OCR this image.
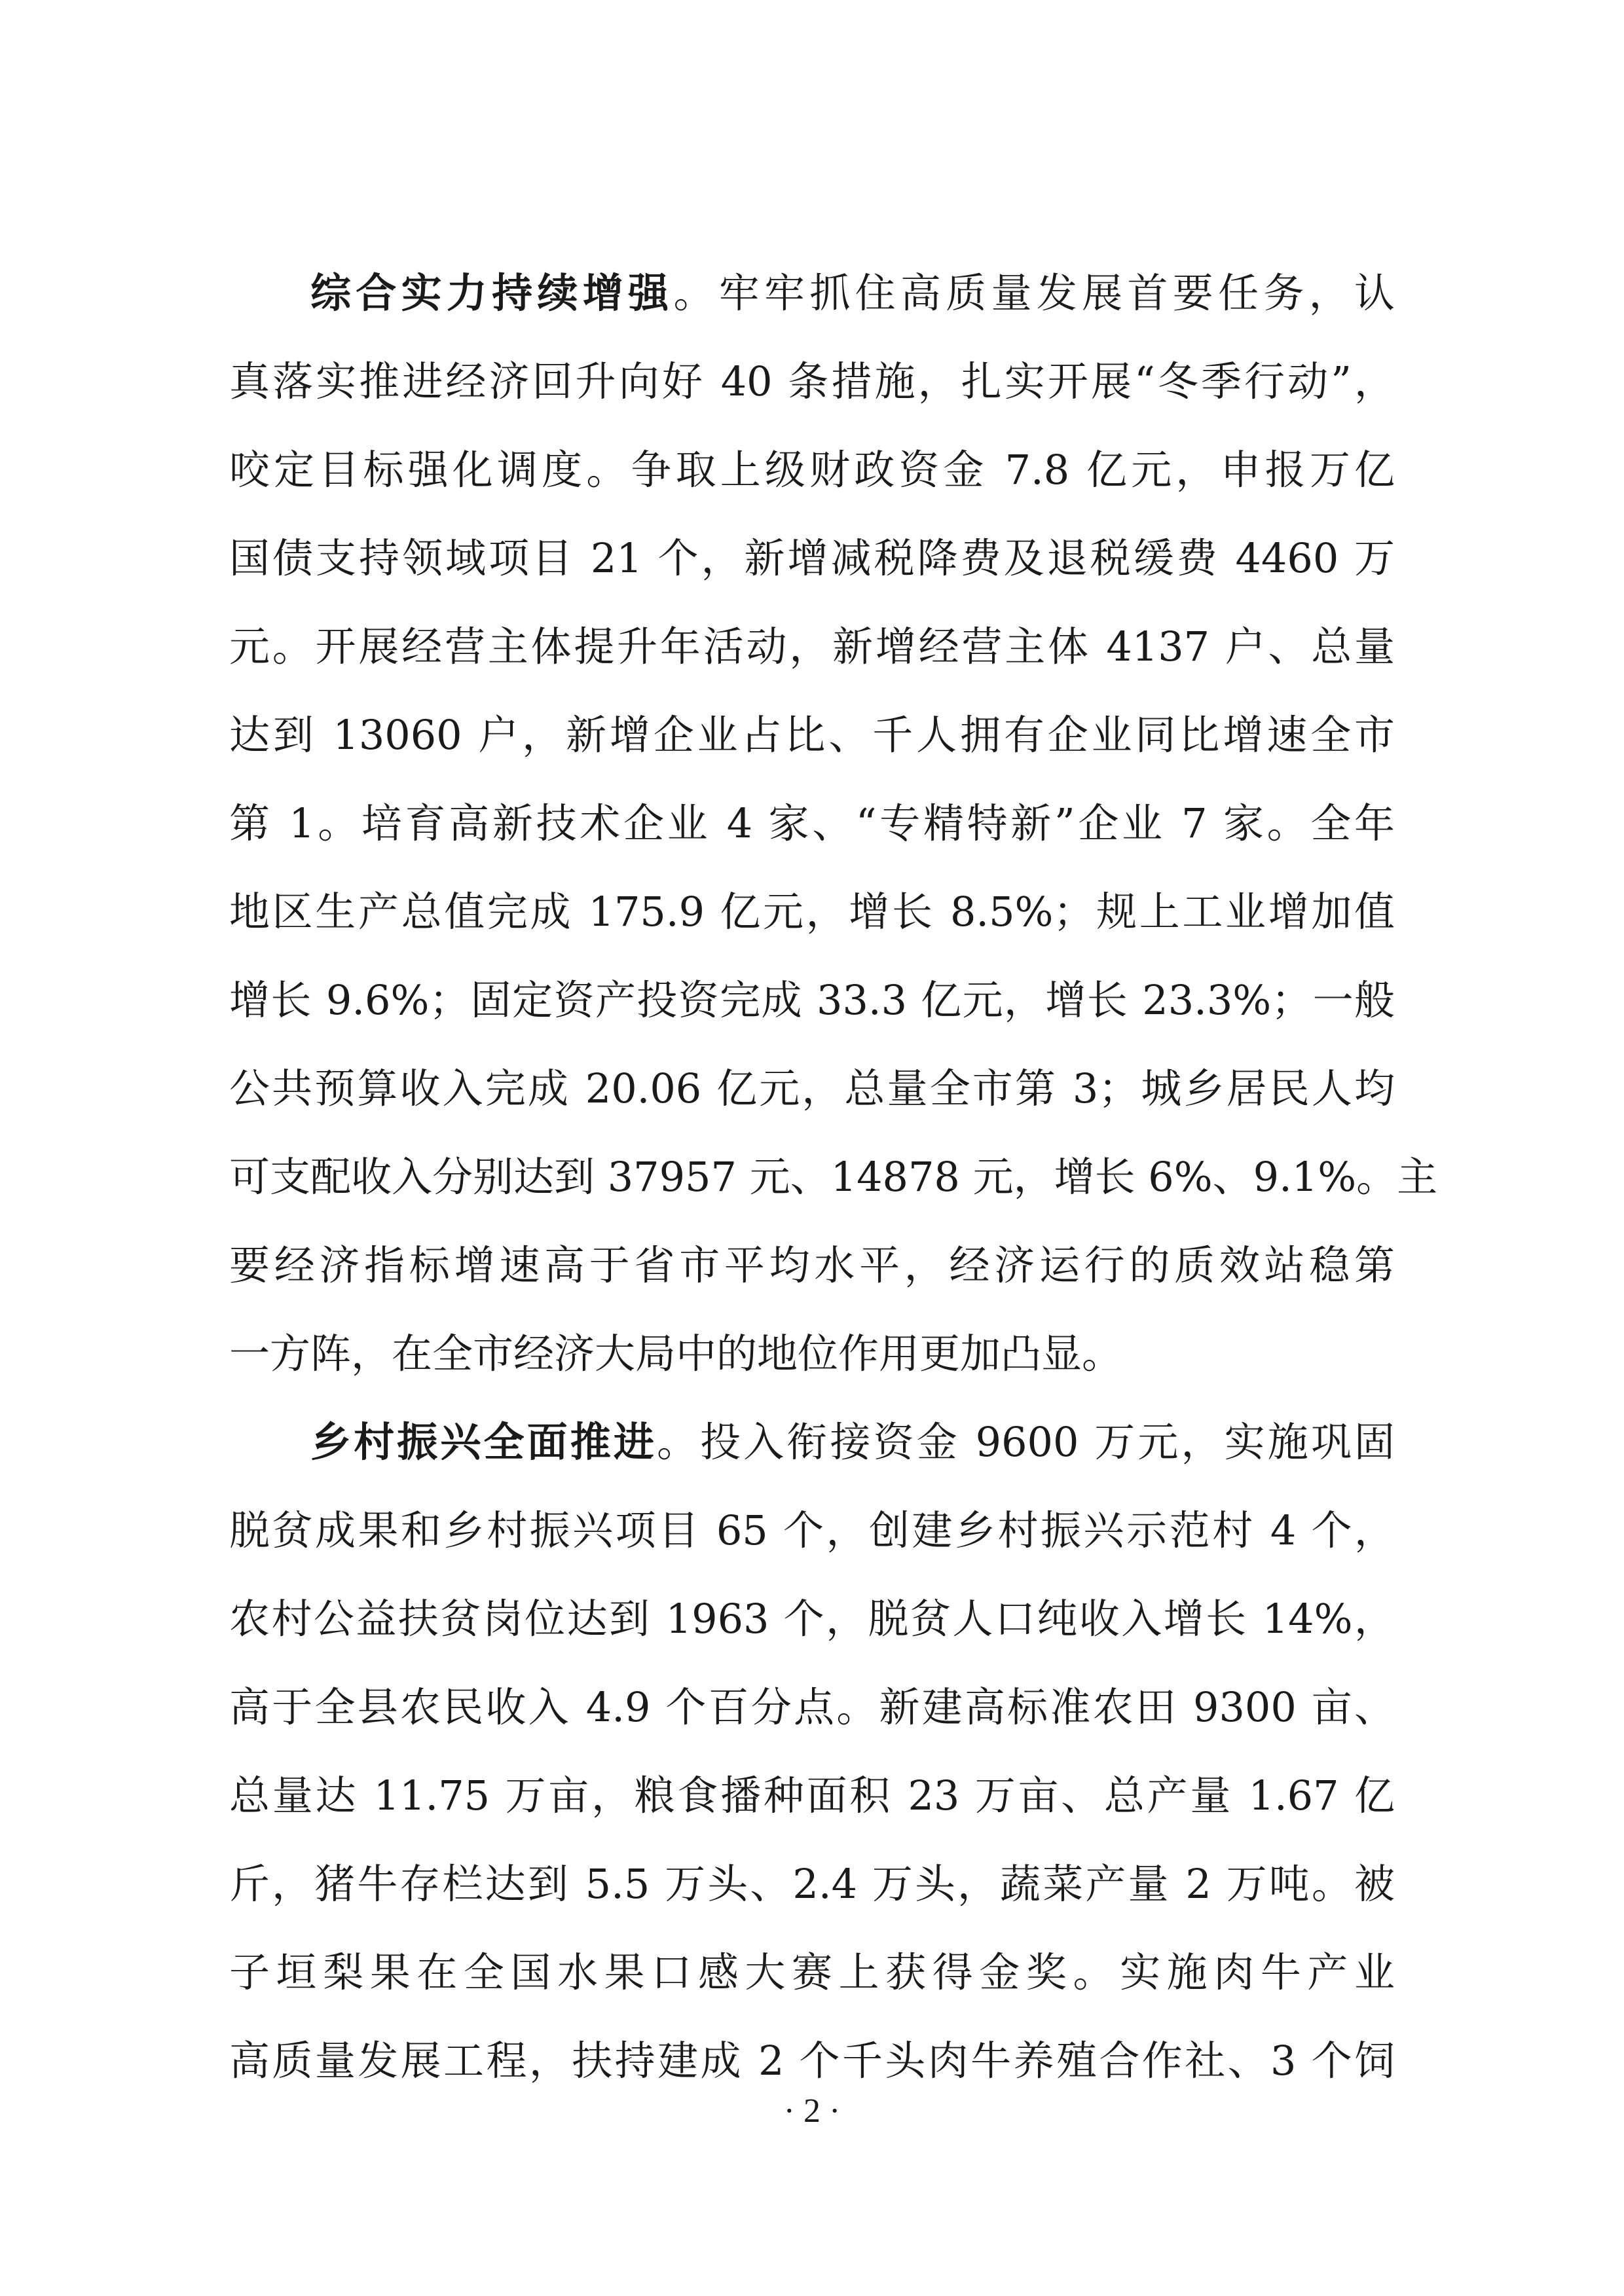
综合实力持续增强。牢牢抓住高质量发展首要任务，认
真落实推进经济回升向好 40 条措施，扎实开展“冬季行动”，
咬定目标强化调度。争取上级财政资金 7.8 亿元，申报万亿
国债支持领域项目 21 个，新增减税降费及退税缓费 4460 万
元。开展经营主体提升年活动，新增经营主体 4137 户、总量
达到 13060 户，新增企业占比、千人拥有企业同比增速全市
第 1。培育高新技术企业 4 家、“专精特新”企业 7 家。全年
地区生产总值完成 175.9 亿元，增长 8.5%；规上工业增加值
增长 9.6%；固定资产投资完成 33.3 亿元，增长 23.3%；一般
公共预算收入完成 20.06 亿元，总量全市第 3；城乡居民人均
可支配收入分别达到 37957 元、14878 元，增长 6%、9.1%。主
要经济指标增速高于省市平均水平，经济运行的质效站稳第
一方阵，在全市经济大局中的地位作用更加凸显。
乡村振兴全面推进。投入衔接资金 9600 万元，实施巩固
脱贫成果和乡村振兴项目 65 个，创建乡村振兴示范村 4 个，
农村公益扶贫岗位达到 1963 个，脱贫人口纯收入增长 14%，
高于全县农民收入 4.9 个百分点。新建高标准农田 9300 亩、
总量达 11.75 万亩，粮食播种面积 23 万亩、总产量 1.67 亿
斤，猪牛存栏达到 5.5 万头、2.4 万头，蔬菜产量 2 万吨。被
子垣梨果在全国水果口感大赛上获得金奖。实施肉牛产业
高质量发展工程，扶持建成 2 个千头肉牛养殖合作社、3 个饲
· 2 ·
